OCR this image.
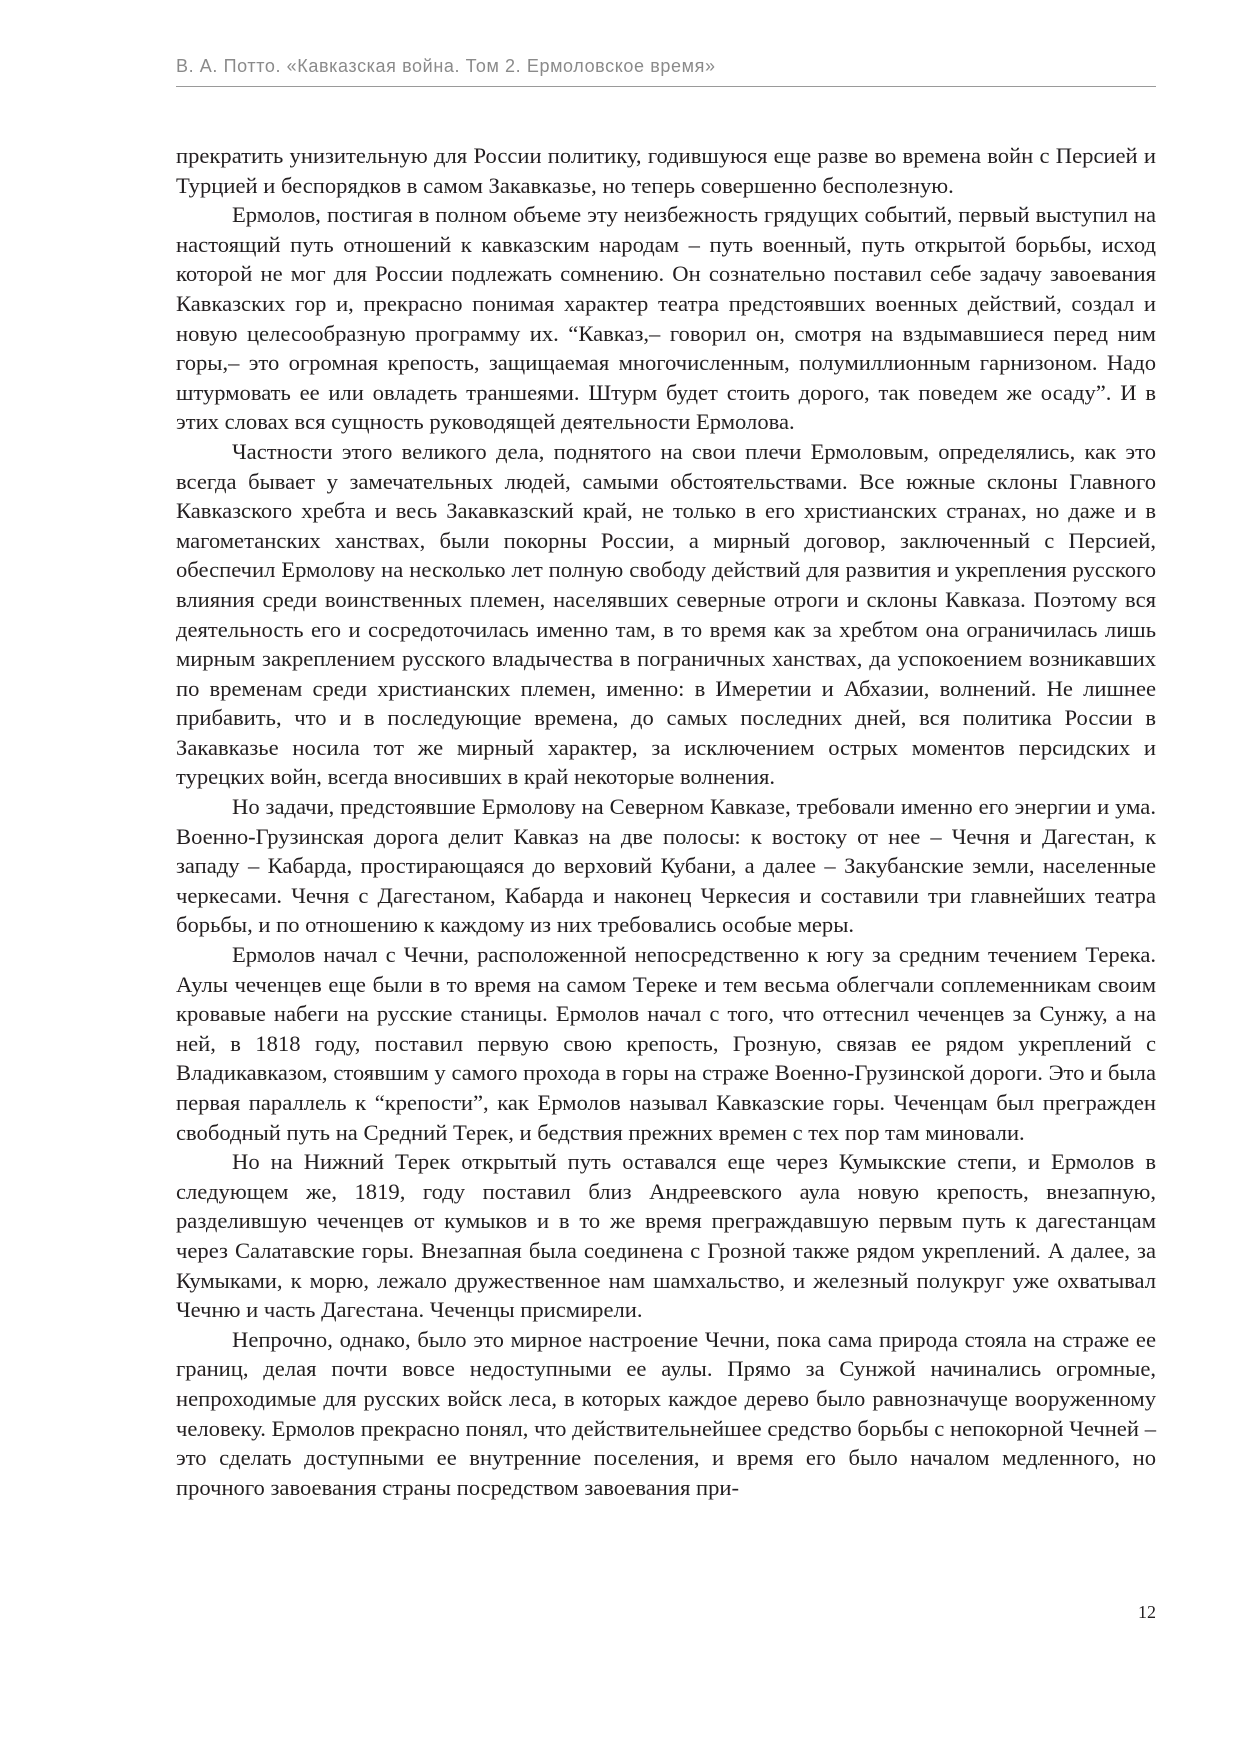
В. А. Потто. «Кавказская война. Том 2. Ермоловское время»

прекратить унизительную для России политику, годившуюся еще разве во времена войн с Персией и Турцией и беспорядков в самом Закавказье, но теперь совершенно бесполезную.

Ермолов, постигая в полном объеме эту неизбежность грядущих событий, первый выступил на настоящий путь отношений к кавказским народам – путь военный, путь открытой борьбы, исход которой не мог для России подлежать сомнению. Он сознательно поставил себе задачу завоевания Кавказских гор и, прекрасно понимая характер театра предстоявших военных действий, создал и новую целесообразную программу их. “Кавказ,– говорил он, смотря на вздымавшиеся перед ним горы,– это огромная крепость, защищаемая многочисленным, полумиллионным гарнизоном. Надо штурмовать ее или овладеть траншеями. Штурм будет стоить дорого, так поведем же осаду”. И в этих словах вся сущность руководящей деятельности Ермолова.

Частности этого великого дела, поднятого на свои плечи Ермоловым, определялись, как это всегда бывает у замечательных людей, самыми обстоятельствами. Все южные склоны Главного Кавказского хребта и весь Закавказский край, не только в его христианских странах, но даже и в магометанских ханствах, были покорны России, а мирный договор, заключенный с Персией, обеспечил Ермолову на несколько лет полную свободу действий для развития и укрепления русского влияния среди воинственных племен, населявших северные отроги и склоны Кавказа. Поэтому вся деятельность его и сосредоточилась именно там, в то время как за хребтом она ограничилась лишь мирным закреплением русского владычества в пограничных ханствах, да успокоением возникавших по временам среди христианских племен, именно: в Имеретии и Абхазии, волнений. Не лишнее прибавить, что и в последующие времена, до самых последних дней, вся политика России в Закавказье носила тот же мирный характер, за исключением острых моментов персидских и турецких войн, всегда вносивших в край некоторые волнения.

Но задачи, предстоявшие Ермолову на Северном Кавказе, требовали именно его энергии и ума. Военно-Грузинская дорога делит Кавказ на две полосы: к востоку от нее – Чечня и Дагестан, к западу – Кабарда, простирающаяся до верховий Кубани, а далее – Закубанские земли, населенные черкесами. Чечня с Дагестаном, Кабарда и наконец Черкесия и составили три главнейших театра борьбы, и по отношению к каждому из них требовались особые меры.

Ермолов начал с Чечни, расположенной непосредственно к югу за средним течением Терека. Аулы чеченцев еще были в то время на самом Тереке и тем весьма облегчали соплеменникам своим кровавые набеги на русские станицы. Ермолов начал с того, что оттеснил чеченцев за Сунжу, а на ней, в 1818 году, поставил первую свою крепость, Грозную, связав ее рядом укреплений с Владикавказом, стоявшим у самого прохода в горы на страже Военно-Грузинской дороги. Это и была первая параллель к “крепости”, как Ермолов называл Кавказские горы. Чеченцам был прегражден свободный путь на Средний Терек, и бедствия прежних времен с тех пор там миновали.

Но на Нижний Терек открытый путь оставался еще через Кумыкские степи, и Ермолов в следующем же, 1819, году поставил близ Андреевского аула новую крепость, внезапную, разделившую чеченцев от кумыков и в то же время преграждавшую первым путь к дагестанцам через Салатавские горы. Внезапная была соединена с Грозной также рядом укреплений. А далее, за Кумыками, к морю, лежало дружественное нам шамхальство, и железный полукруг уже охватывал Чечню и часть Дагестана. Чеченцы присмирели.

Непрочно, однако, было это мирное настроение Чечни, пока сама природа стояла на страже ее границ, делая почти вовсе недоступными ее аулы. Прямо за Сунжой начинались огромные, непроходимые для русских войск леса, в которых каждое дерево было равнозначуще вооруженному человеку. Ермолов прекрасно понял, что действительнейшее средство борьбы с непокорной Чечней – это сделать доступными ее внутренние поселения, и время его было началом медленного, но прочного завоевания страны посредством завоевания при-

12
